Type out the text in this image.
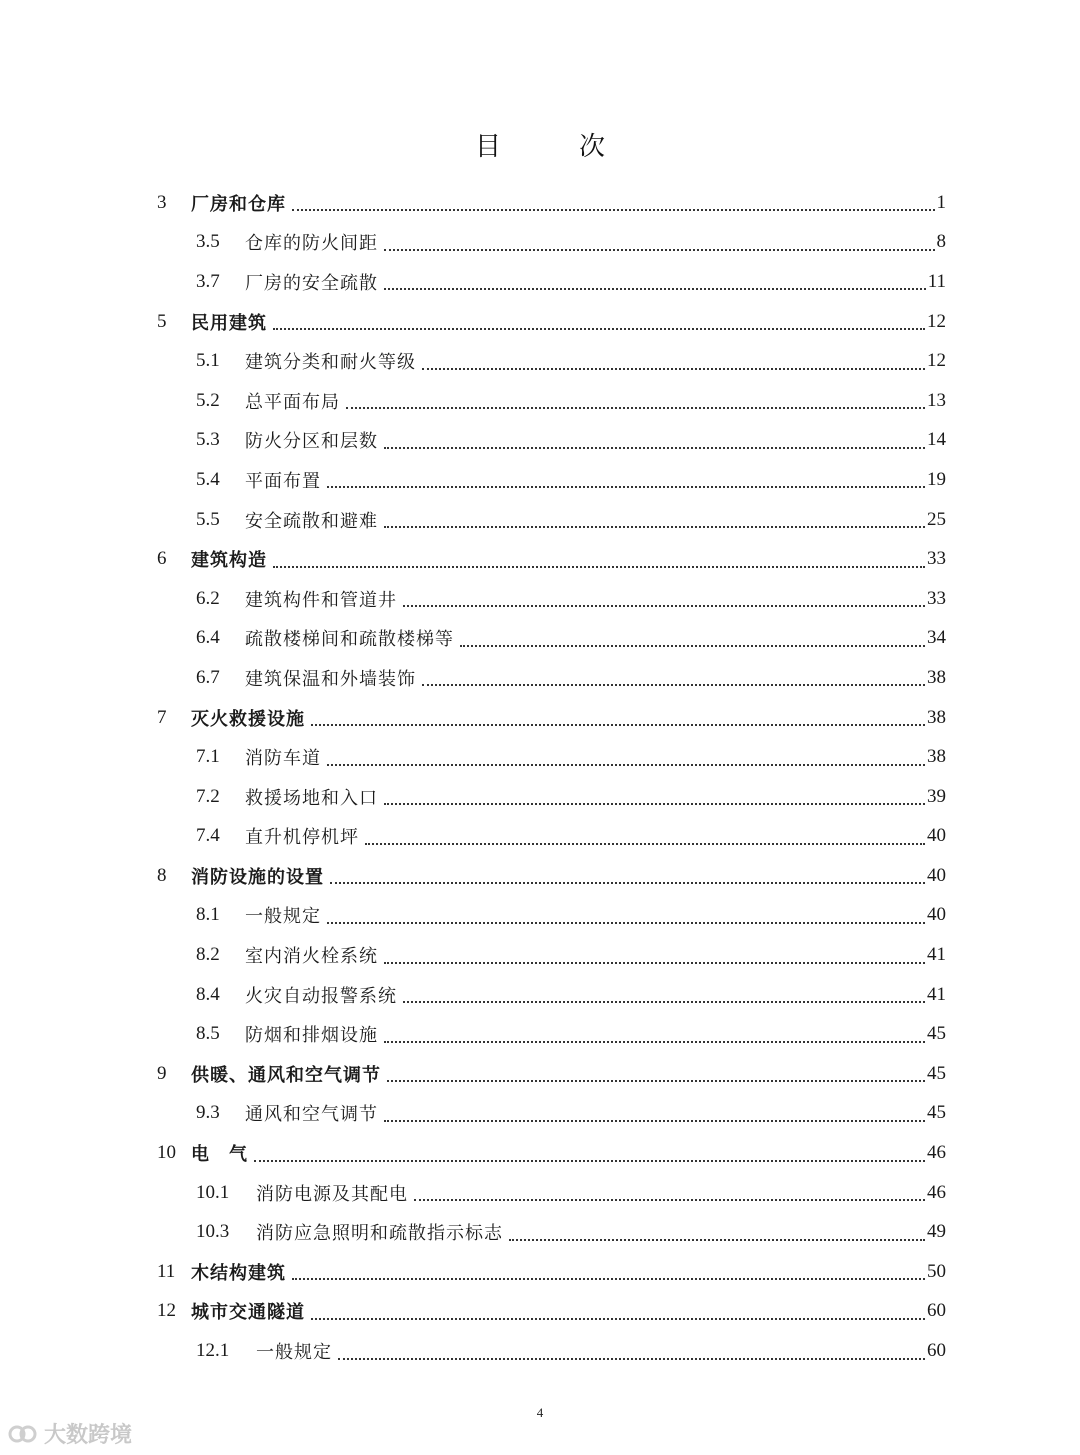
目　次
3 厂房和仓库	1
3.5 仓库的防火间距	8
3.7 厂房的安全疏散	11
5 民用建筑	12
5.1 建筑分类和耐火等级	12
5.2 总平面布局	13
5.3 防火分区和层数	14
5.4 平面布置	19
5.5 安全疏散和避难	25
6 建筑构造	33
6.2 建筑构件和管道井	33
6.4 疏散楼梯间和疏散楼梯等	34
6.7 建筑保温和外墙装饰	38
7 灭火救援设施	38
7.1 消防车道	38
7.2 救援场地和入口	39
7.4 直升机停机坪	40
8 消防设施的设置	40
8.1 一般规定	40
8.2 室内消火栓系统	41
8.4 火灾自动报警系统	41
8.5 防烟和排烟设施	45
9 供暖、通风和空气调节	45
9.3 通风和空气调节	45
10 电　气	46
10.1 消防电源及其配电	46
10.3 消防应急照明和疏散指示标志	49
11 木结构建筑	50
12 城市交通隧道	60
12.1 一般规定	60
4
大数跨境
